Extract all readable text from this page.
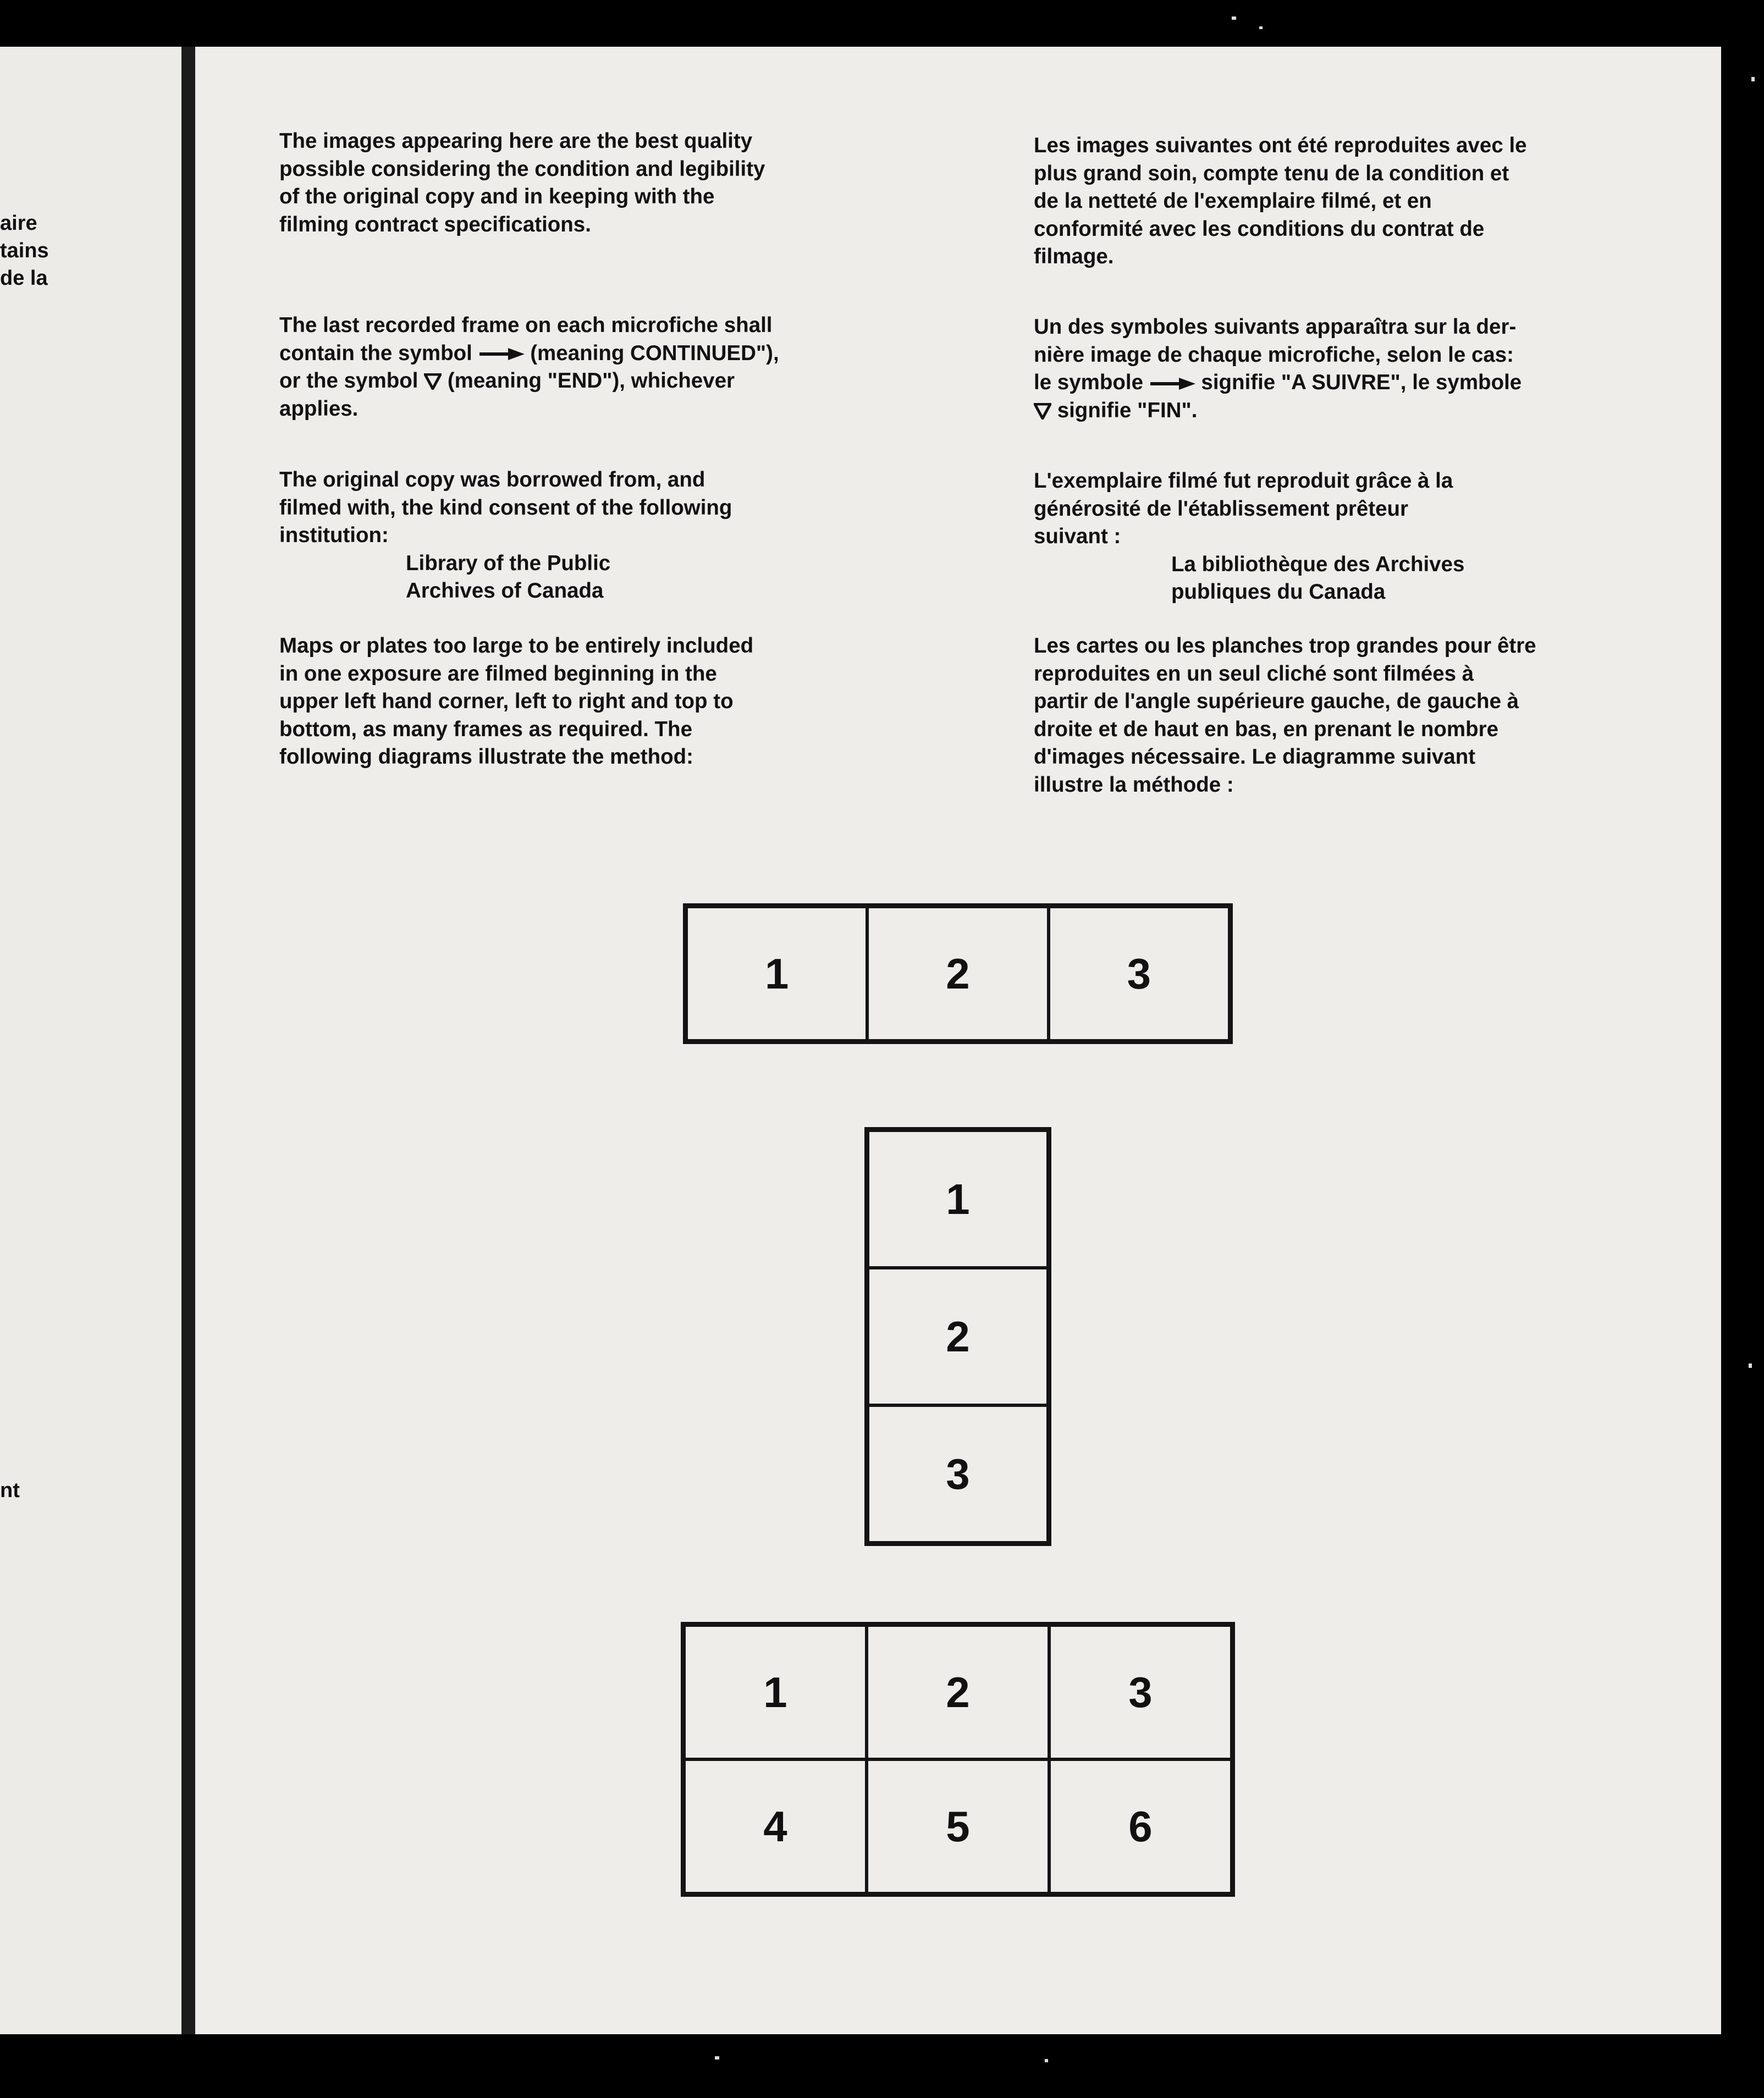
aire
tains
de la
nt
The images appearing here are the best quality
possible considering the condition and legibility
of the original copy and in keeping with the
filming contract specifications.
The last recorded frame on each microfiche shall
contain the symbol	(meaning CONTINUED"),
or the symbol (meaning "END"), whichever
applies.
The original copy was borrowed from, and
filmed with, the kind consent of the following
institution:
Library of the Public
Archives of Canada
Maps or plates too large to be entirely included
in one exposure are filmed beginning in the
upper left hand corner, left to right and top to
bottom, as many frames as required. The
following diagrams illustrate the method:
Les images suivantes ont été reproduites avec le
plus grand soin, compte tenu de la condition et
de la netteté de l'exemplaire filmé, et en
conformité avec les conditions du contrat de
filmage.
Un des symboles suivants apparaîtra sur la der-
nière image de chaque microfiche, selon le cas:
le symbole	signifie "A SUIVRE", le symbole
signifie "FIN".
L'exemplaire filmé fut reproduit grâce à la
générosité de l'établissement prêteur
suivant :
La bibliothèque des Archives
publiques du Canada
Les cartes ou les planches trop grandes pour être
reproduites en un seul cliché sont filmées à
partir de l'angle supérieure gauche, de gauche à
droite et de haut en bas, en prenant le nombre
d'images nécessaire. Le diagramme suivant
illustre la méthode :
1	2	3
1
2
3
1	2	3
4	5	6
